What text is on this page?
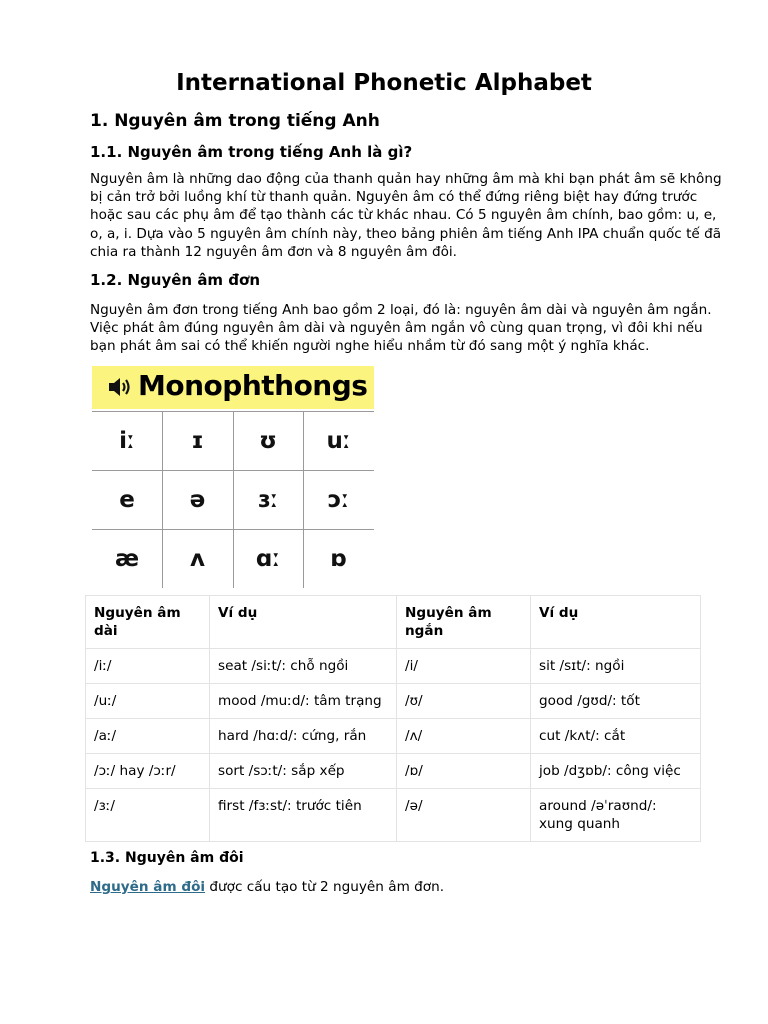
International Phonetic Alphabet
1. Nguyên âm trong tiếng Anh
1.1. Nguyên âm trong tiếng Anh là gì?

Nguyên âm là những dao động của thanh quản hay những âm mà khi bạn phát âm sẽ không bị cản trở bởi luồng khí từ thanh quản. Nguyên âm có thể đứng riêng biệt hay đứng trước hoặc sau các phụ âm để tạo thành các từ khác nhau. Có 5 nguyên âm chính, bao gồm: u, e, o, a, i. Dựa vào 5 nguyên âm chính này, theo bảng phiên âm tiếng Anh IPA chuẩn quốc tế đã chia ra thành 12 nguyên âm đơn và 8 nguyên âm đôi.

1.2. Nguyên âm đơn

Nguyên âm đơn trong tiếng Anh bao gồm 2 loại, đó là: nguyên âm dài và nguyên âm ngắn. Việc phát âm đúng nguyên âm dài và nguyên âm ngắn vô cùng quan trọng, vì đôi khi nếu bạn phát âm sai có thể khiến người nghe hiểu nhầm từ đó sang một ý nghĩa khác.

Monophthongs
iː	ɪ	ʊ	uː
e	ə	ɜː	ɔː
æ	ʌ	ɑː	ɒ
Nguyên âm dài	Ví dụ	Nguyên âm ngắn	Ví dụ
/iː/	seat /siːt/: chỗ ngồi	/i/	sit /sɪt/: ngồi
/uː/	mood /muːd/: tâm trạng	/ʊ/	good /gʊd/: tốt
/aː/	hard /hɑːd/: cứng, rắn	/ʌ/	cut /kʌt/: cắt
/ɔː/ hay /ɔːr/	sort /sɔːt/: sắp xếp	/ɒ/	job /dʒɒb/: công việc
/ɜː/	first /fɜːst/: trước tiên	/ə/	around /əˈraʊnd/: xung quanh
1.3. Nguyên âm đôi

Nguyên âm đôi được cấu tạo từ 2 nguyên âm đơn.
